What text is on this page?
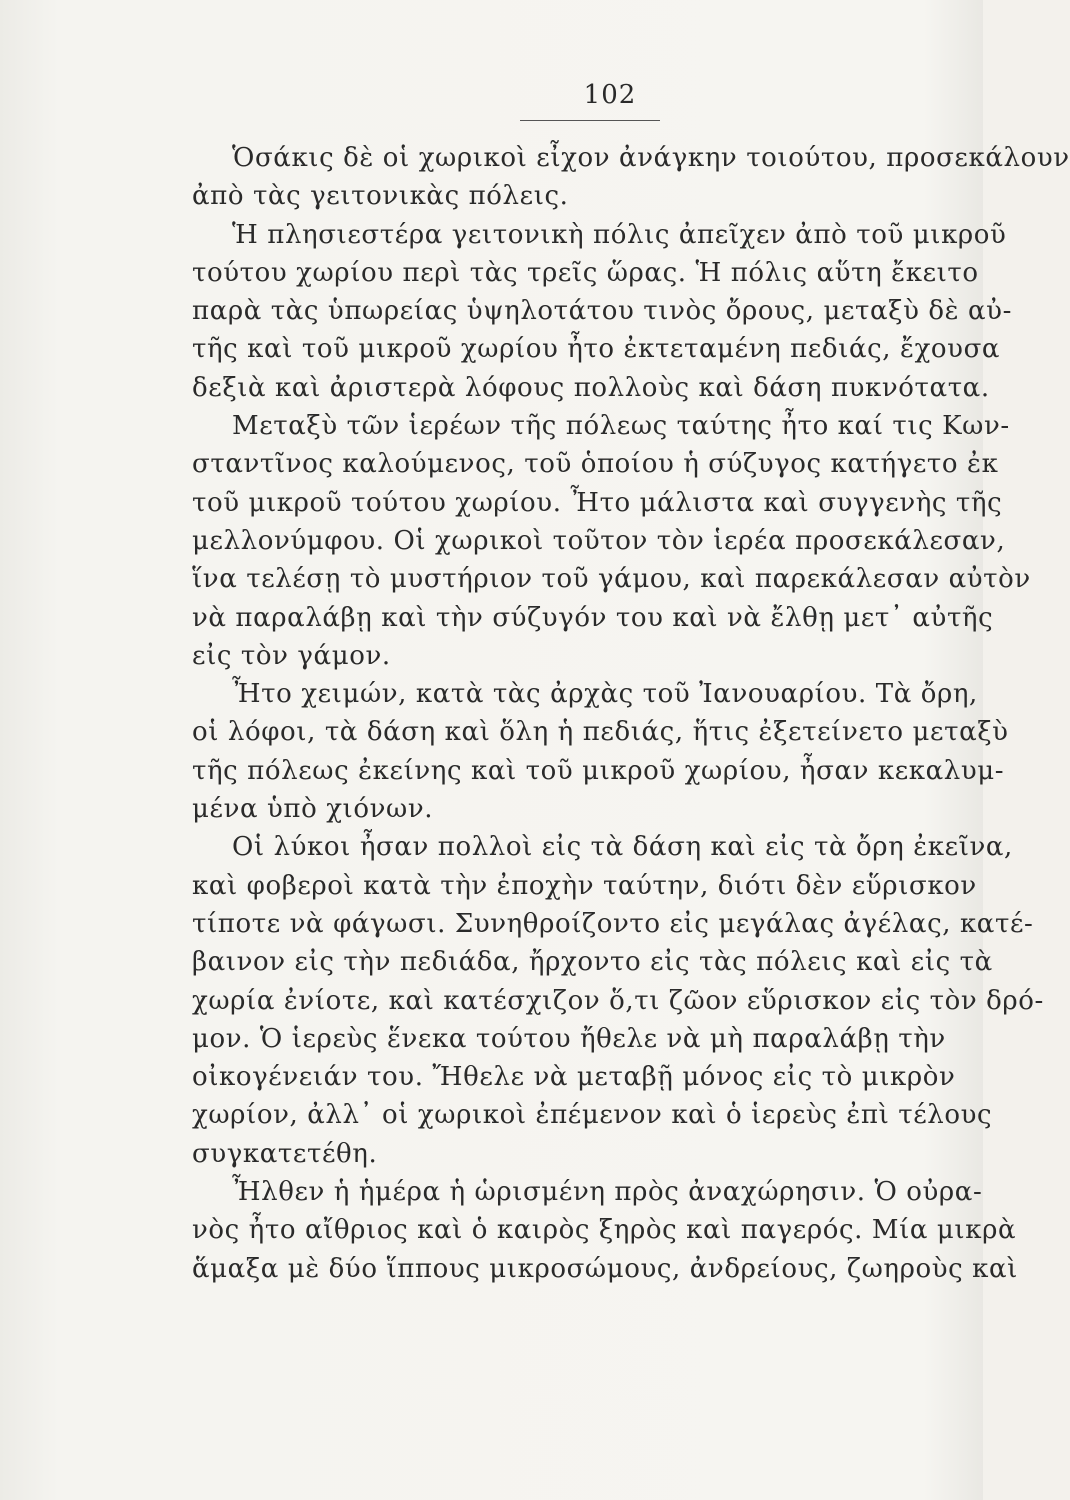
102
Ὁσάκις δὲ οἱ χωρικοὶ εἶχον ἀνάγκην τοιούτου, προσεκάλουν
ἀπὸ τὰς γειτονικὰς πόλεις.
Ἡ πλησιεστέρα γειτονικὴ πόλις ἀπεῖχεν ἀπὸ τοῦ μικροῦ
τούτου χωρίου περὶ τὰς τρεῖς ὥρας. Ἡ πόλις αὕτη ἔκειτο
παρὰ τὰς ὑπωρείας ὑψηλοτάτου τινὸς ὄρους, μεταξὺ δὲ αὐ-
τῆς καὶ τοῦ μικροῦ χωρίου ἦτο ἐκτεταμένη πεδιάς, ἔχουσα
δεξιὰ καὶ ἀριστερὰ λόφους πολλοὺς καὶ δάση πυκνότατα.
Μεταξὺ τῶν ἱερέων τῆς πόλεως ταύτης ἦτο καί τις Κων-
σταντῖνος καλούμενος, τοῦ ὁποίου ἡ σύζυγος κατήγετο ἐκ
τοῦ μικροῦ τούτου χωρίου. Ἦτο μάλιστα καὶ συγγενὴς τῆς
μελλονύμφου. Οἱ χωρικοὶ τοῦτον τὸν ἱερέα προσεκάλεσαν,
ἵνα τελέσῃ τὸ μυστήριον τοῦ γάμου, καὶ παρεκάλεσαν αὐτὸν
νὰ παραλάβῃ καὶ τὴν σύζυγόν του καὶ νὰ ἔλθῃ μετ᾿ αὐτῆς
εἰς τὸν γάμον.
Ἦτο χειμών, κατὰ τὰς ἀρχὰς τοῦ Ἰανουαρίου. Τὰ ὄρη,
οἱ λόφοι, τὰ δάση καὶ ὅλη ἡ πεδιάς, ἥτις ἐξετείνετο μεταξὺ
τῆς πόλεως ἐκείνης καὶ τοῦ μικροῦ χωρίου, ἦσαν κεκαλυμ-
μένα ὑπὸ χιόνων.
Οἱ λύκοι ἦσαν πολλοὶ εἰς τὰ δάση καὶ εἰς τὰ ὄρη ἐκεῖνα,
καὶ φοβεροὶ κατὰ τὴν ἐποχὴν ταύτην, διότι δὲν εὕρισκον
τίποτε νὰ φάγωσι. Συνηθροίζοντο εἰς μεγάλας ἀγέλας, κατέ-
βαινον εἰς τὴν πεδιάδα, ἤρχοντο εἰς τὰς πόλεις καὶ εἰς τὰ
χωρία ἐνίοτε, καὶ κατέσχιζον ὅ,τι ζῶον εὕρισκον εἰς τὸν δρό-
μον. Ὁ ἱερεὺς ἕνεκα τούτου ἤθελε νὰ μὴ παραλάβῃ τὴν
οἰκογένειάν του. Ἤθελε νὰ μεταβῇ μόνος εἰς τὸ μικρὸν
χωρίον, ἀλλ᾿ οἱ χωρικοὶ ἐπέμενον καὶ ὁ ἱερεὺς ἐπὶ τέλους
συγκατετέθη.
Ἦλθεν ἡ ἡμέρα ἡ ὡρισμένη πρὸς ἀναχώρησιν. Ὁ οὐρα-
νὸς ἦτο αἴθριος καὶ ὁ καιρὸς ξηρὸς καὶ παγερός. Μία μικρὰ
ἅμαξα μὲ δύο ἵππους μικροσώμους, ἀνδρείους, ζωηροὺς καὶ
